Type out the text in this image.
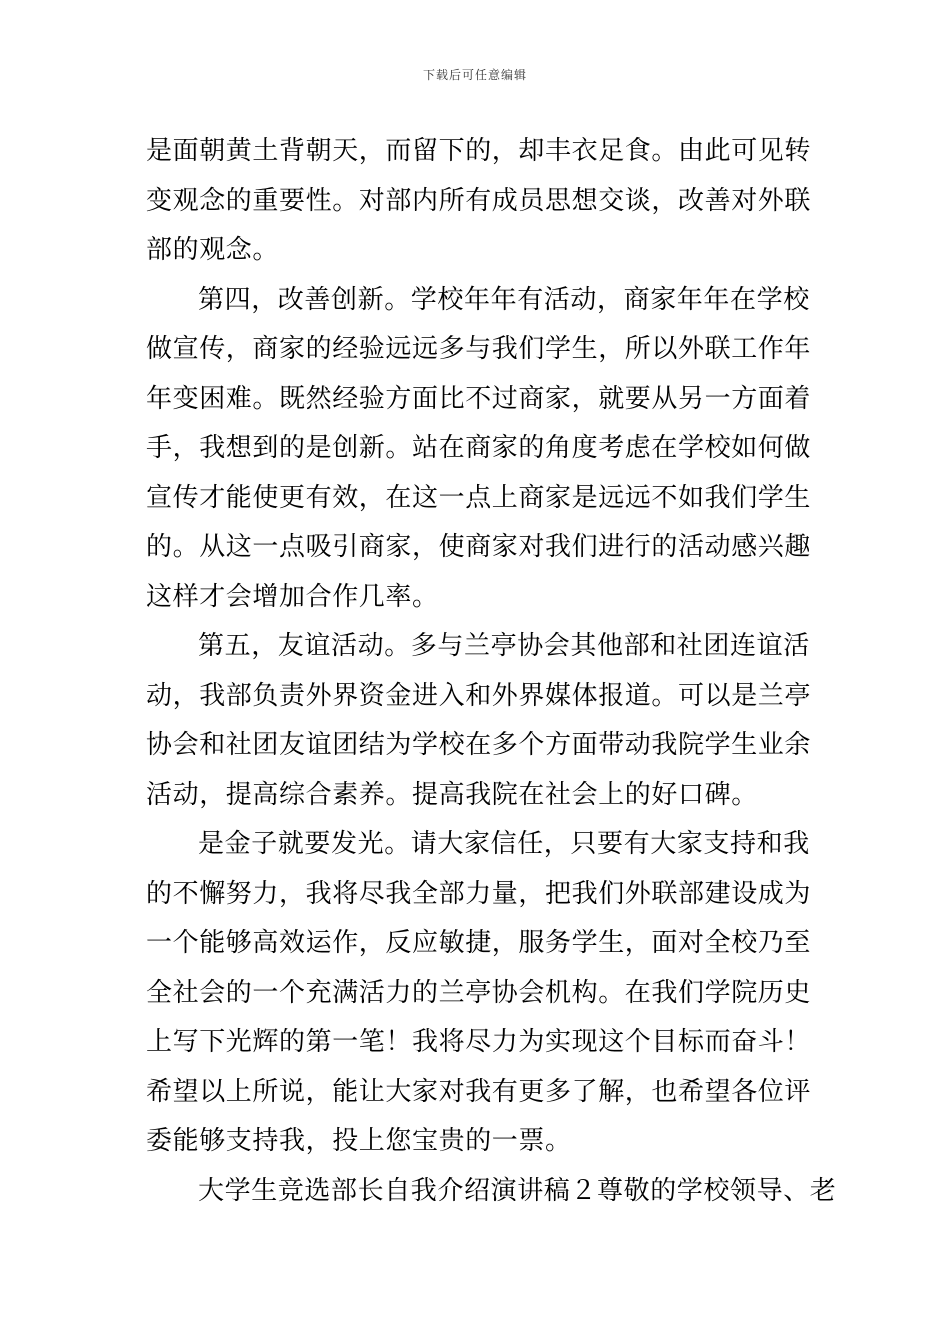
下载后可任意编辑
是面朝黄土背朝天，而留下的，却丰衣足食。由此可见转
变观念的重要性。对部内所有成员思想交谈，改善对外联
部的观念。
第四，改善创新。学校年年有活动，商家年年在学校
做宣传，商家的经验远远多与我们学生，所以外联工作年
年变困难。既然经验方面比不过商家，就要从另一方面着
手，我想到的是创新。站在商家的角度考虑在学校如何做
宣传才能使更有效，在这一点上商家是远远不如我们学生
的。从这一点吸引商家，使商家对我们进行的活动感兴趣
这样才会增加合作几率。
第五，友谊活动。多与兰亭协会其他部和社团连谊活
动，我部负责外界资金进入和外界媒体报道。可以是兰亭
协会和社团友谊团结为学校在多个方面带动我院学生业余
活动，提高综合素养。提高我院在社会上的好口碑。
是金子就要发光。请大家信任，只要有大家支持和我
的不懈努力，我将尽我全部力量，把我们外联部建设成为
一个能够高效运作，反应敏捷，服务学生，面对全校乃至
全社会的一个充满活力的兰亭协会机构。在我们学院历史
上写下光辉的第一笔！我将尽力为实现这个目标而奋斗！
希望以上所说，能让大家对我有更多了解，也希望各位评
委能够支持我，投上您宝贵的一票。
大学生竞选部长自我介绍演讲稿２尊敬的学校领导、老
